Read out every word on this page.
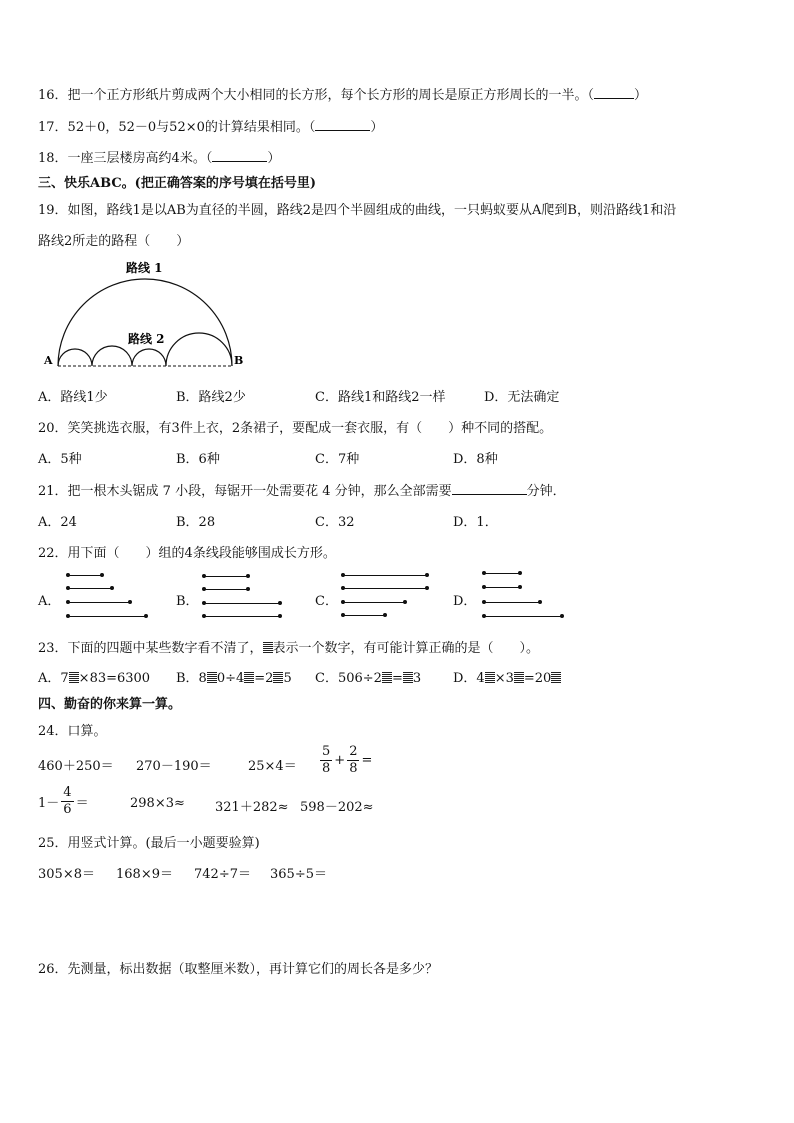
16．把一个正方形纸片剪成两个大小相同的长方形，每个长方形的周长是原正方形周长的一半。（	）
17．52＋0，52－0与52×0的计算结果相同。（	）
18．一座三层楼房高约4米。（	）
三、快乐ABC。(把正确答案的序号填在括号里)
19．如图，路线1是以AB为直径的半圆，路线2是四个半圆组成的曲线，一只蚂蚁要从A爬到B，则沿路线1和沿
路线2所走的路程（　　）
路线 1
路线 2
A	B
A．路线1少	B．路线2少	C．路线1和路线2一样	D．无法确定
20．笑笑挑选衣服，有3件上衣，2条裙子，要配成一套衣服，有（　　）种不同的搭配。
A．5种	B．6种	C．7种	D．8种
21．把一根木头锯成 7 小段，每锯开一处需要花 4 分钟，那么全部需要	分钟．
A．24	B．28	C．32	D．1．
22．用下面（　　）组的4条线段能够围成长方形。
A．	B．	C．	D．
23．下面的四题中某些数字看不清了， 表示一个数字，有可能计算正确的是（　　）。
A．7 ×83=6300 B．8 0÷4 =2 5 C．506÷2 = 3 D．4 ×3 =20
四、勤奋的你来算一算。
24．口算。
460＋250＝ 270－190＝	$25\times 4= \frac{5}{8} + \frac{2}{8}$ =
$1- \frac{4}{6}$ ＝	298×3≈ 321＋282≈ 598－202≈
25．用竖式计算。(最后一小题要验算)
305×8＝ 168×9＝ 742÷7＝ 365÷5＝
26．先测量，标出数据（取整厘米数），再计算它们的周长各是多少？
